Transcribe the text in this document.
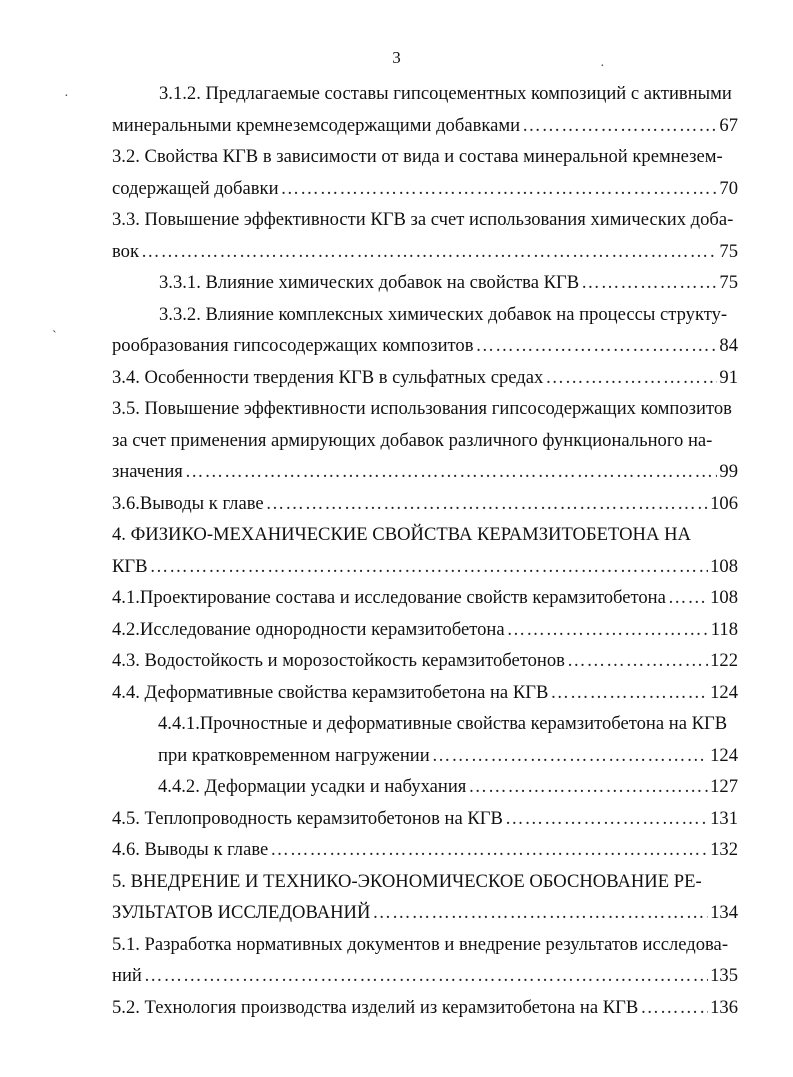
3
·
·
`
3.1.2. Предлагаемые составы гипсоцементных композиций с активными
минеральными кремнеземсодержащими добавками ……………………………………………………………………………………………………………………………………………………………………………………………………………………………	67
3.2. Свойства КГВ в зависимости от вида и состава минеральной кремнезем-
содержащей добавки ……………………………………………………………………………………………………………………………………………………………………………………………………………………………	70
3.3. Повышение эффективности КГВ за счет использования химических доба-
вок ……………………………………………………………………………………………………………………………………………………………………………………………………………………………	75
3.3.1. Влияние химических добавок на свойства КГВ ……………………………………………………………………………………………………………………………………………………………………………………………………………………………	75
3.3.2. Влияние комплексных химических добавок на процессы структу-
рообразования гипсосодержащих композитов ……………………………………………………………………………………………………………………………………………………………………………………………………………………………	84
3.4. Особенности твердения КГВ в сульфатных средах ……………………………………………………………………………………………………………………………………………………………………………………………………………………………	91
3.5. Повышение эффективности использования гипсосодержащих композитов
за счет применения армирующих добавок различного функционального на-
значения ……………………………………………………………………………………………………………………………………………………………………………………………………………………………	99
3.6.Выводы к главе ……………………………………………………………………………………………………………………………………………………………………………………………………………………………	106
4. ФИЗИКО-МЕХАНИЧЕСКИЕ СВОЙСТВА КЕРАМЗИТОБЕТОНА НА
КГВ ……………………………………………………………………………………………………………………………………………………………………………………………………………………………	108
4.1.Проектирование состава и исследование свойств керамзитобетона …………………………………………………………………………………………………………………………………………………………………………………………………………………………… 108
4.2.Исследование однородности керамзитобетона ……………………………………………………………………………………………………………………………………………………………………………………………………………………………	118
4.3. Водостойкость и морозостойкость керамзитобетонов ……………………………………………………………………………………………………………………………………………………………………………………………………………………………	122
4.4. Деформативные свойства керамзитобетона на КГВ ……………………………………………………………………………………………………………………………………………………………………………………………………………………………	124
4.4.1.Прочностные и деформативные свойства керамзитобетона на КГВ
при кратковременном нагружении ……………………………………………………………………………………………………………………………………………………………………………………………………………………………	124
4.4.2. Деформации усадки и набухания ……………………………………………………………………………………………………………………………………………………………………………………………………………………………	127
4.5. Теплопроводность керамзитобетонов на КГВ ……………………………………………………………………………………………………………………………………………………………………………………………………………………………	131
4.6. Выводы к главе ……………………………………………………………………………………………………………………………………………………………………………………………………………………………	132
5. ВНЕДРЕНИЕ И ТЕХНИКО-ЭКОНОМИЧЕСКОЕ ОБОСНОВАНИЕ РЕ-
ЗУЛЬТАТОВ ИССЛЕДОВАНИЙ ……………………………………………………………………………………………………………………………………………………………………………………………………………………………	134
5.1. Разработка нормативных документов и внедрение результатов исследова-
ний ……………………………………………………………………………………………………………………………………………………………………………………………………………………………	135
5.2. Технология производства изделий из керамзитобетона на КГВ ……………………………………………………………………………………………………………………………………………………………………………………………………………………………	136
